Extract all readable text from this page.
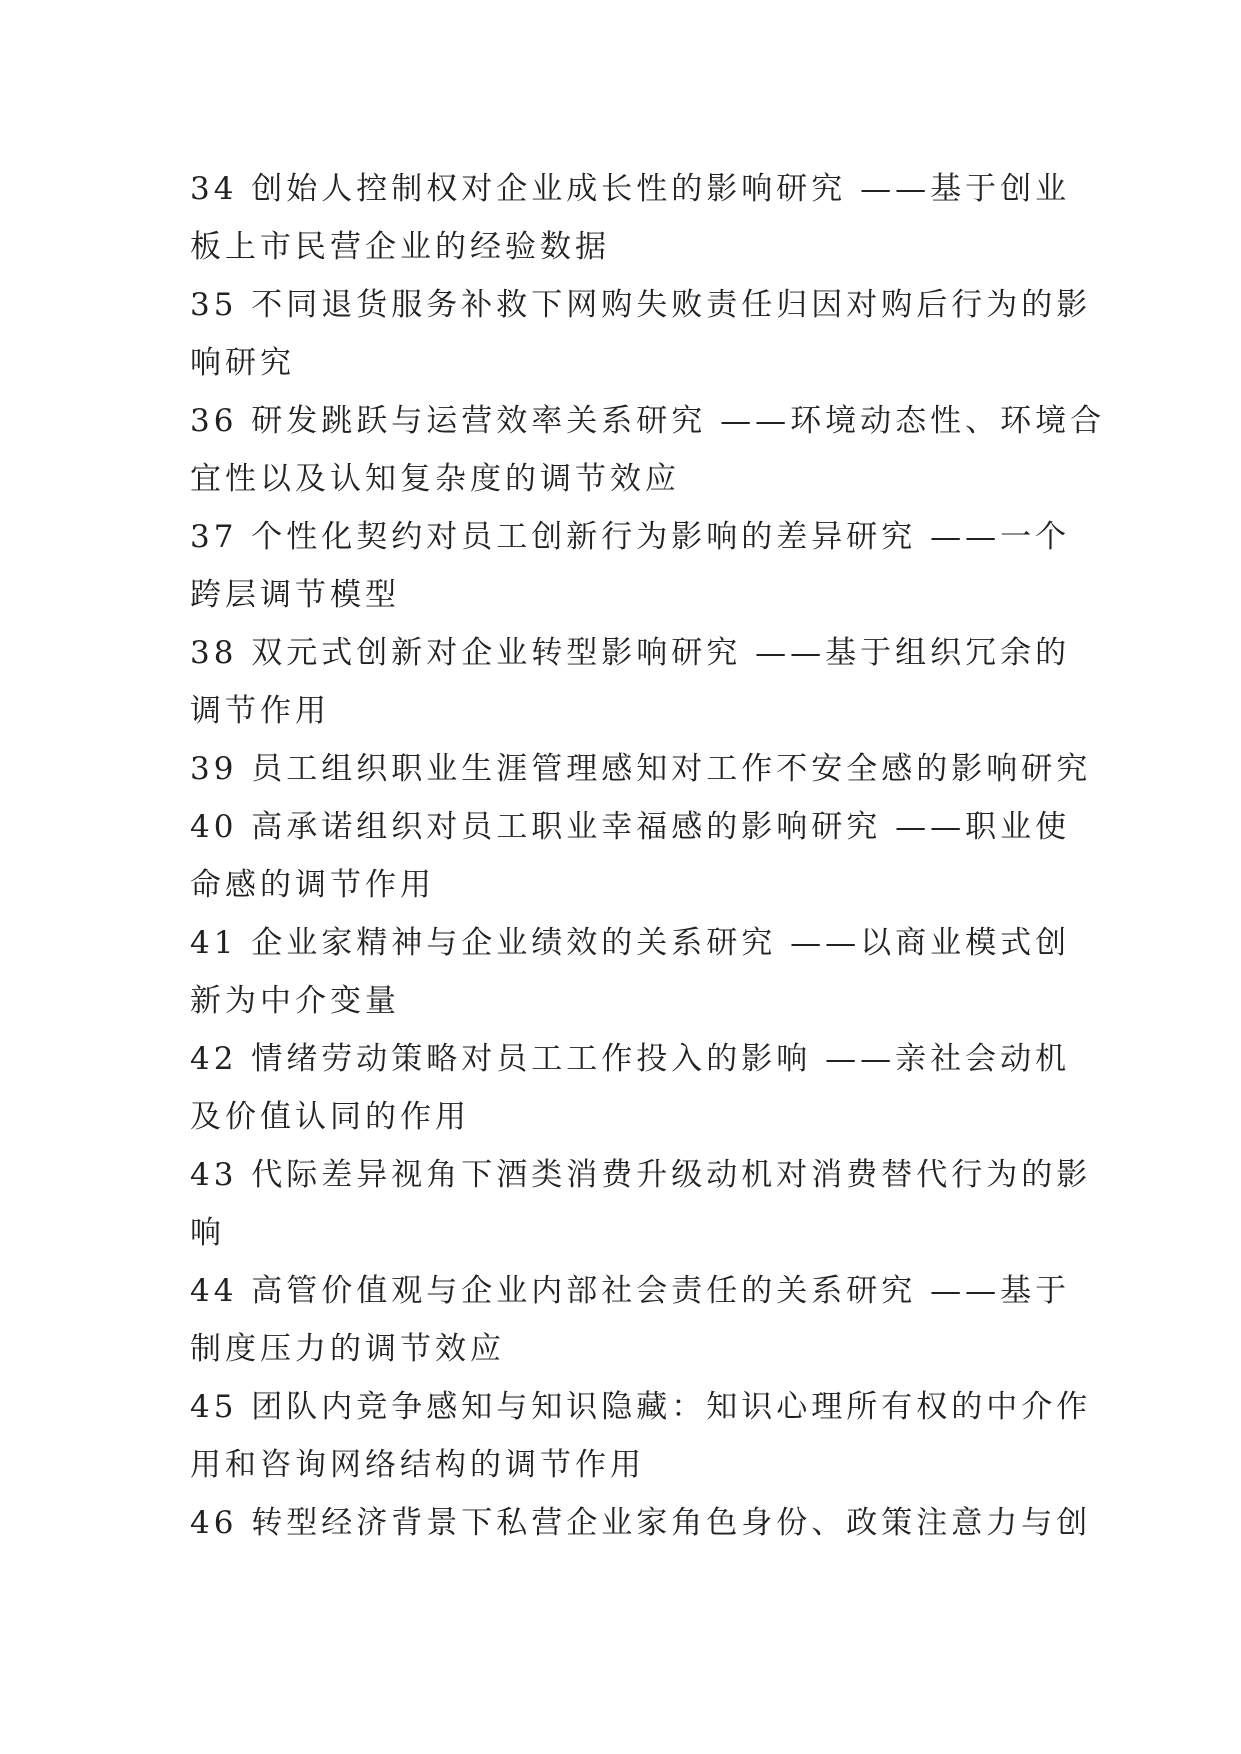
34 创始人控制权对企业成长性的影响研究 ——基于创业
板上市民营企业的经验数据
35 不同退货服务补救下网购失败责任归因对购后行为的影
响研究
36 研发跳跃与运营效率关系研究 ——环境动态性、环境合
宜性以及认知复杂度的调节效应
37 个性化契约对员工创新行为影响的差异研究 ——一个
跨层调节模型
38 双元式创新对企业转型影响研究 ——基于组织冗余的
调节作用
39 员工组织职业生涯管理感知对工作不安全感的影响研究
40 高承诺组织对员工职业幸福感的影响研究 ——职业使
命感的调节作用
41 企业家精神与企业绩效的关系研究 ——以商业模式创
新为中介变量
42 情绪劳动策略对员工工作投入的影响 ——亲社会动机
及价值认同的作用
43 代际差异视角下酒类消费升级动机对消费替代行为的影
响
44 高管价值观与企业内部社会责任的关系研究 ——基于
制度压力的调节效应
45 团队内竞争感知与知识隐藏：知识心理所有权的中介作
用和咨询网络结构的调节作用
46 转型经济背景下私营企业家角色身份、政策注意力与创
